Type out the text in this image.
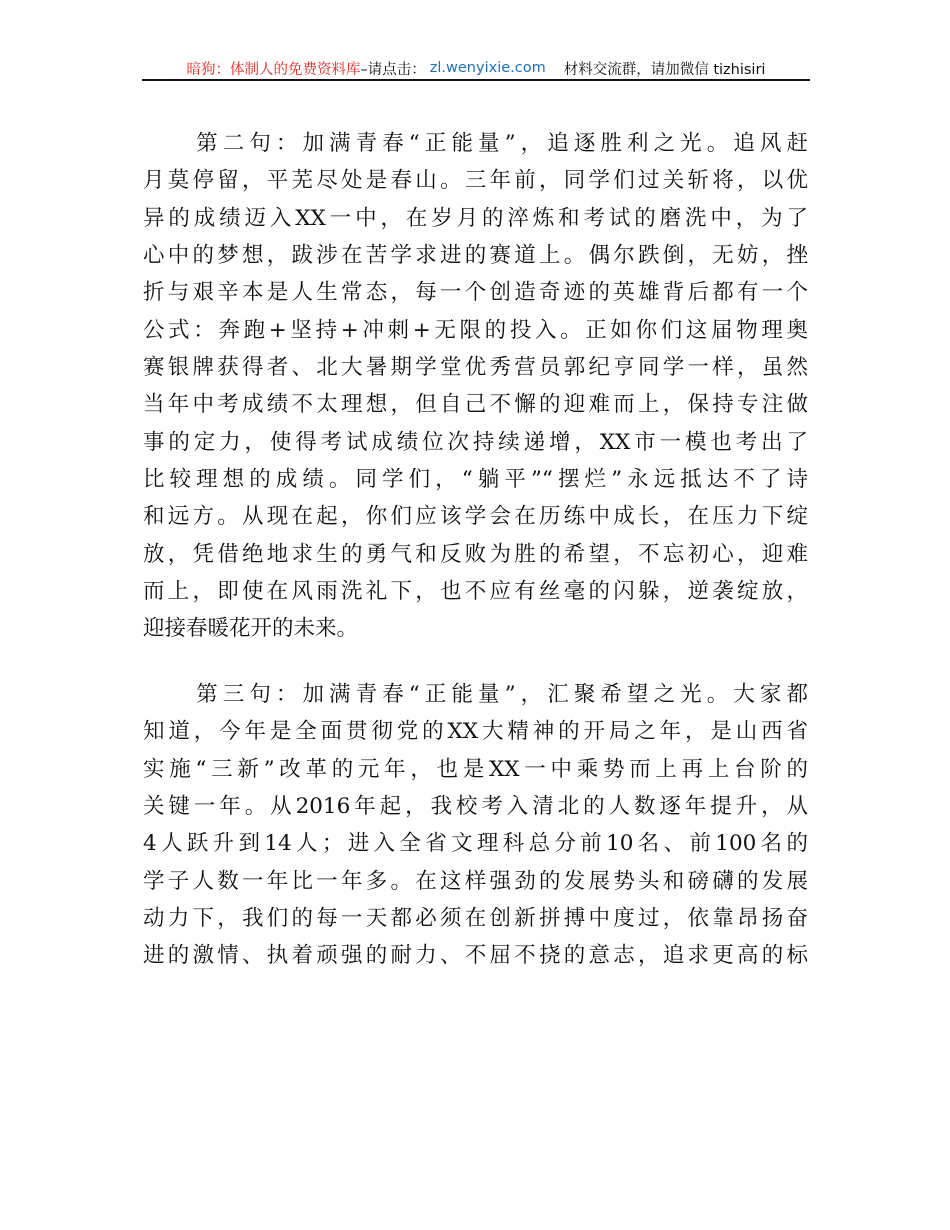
暗狗：体制人的免费资料库 –请点击： zl.wenyixie.com 材料交流群，请加微信 tizhisiri
　　第二句：加满青春“正能量”，追逐胜利之光。追风赶
月莫停留，平芜尽处是春山。三年前，同学们过关斩将，以优
异的成绩迈入XX一中，在岁月的淬炼和考试的磨洗中，为了
心中的梦想，跋涉在苦学求进的赛道上。偶尔跌倒，无妨，挫
折与艰辛本是人生常态，每一个创造奇迹的英雄背后都有一个
公式：奔跑+坚持+冲刺+无限的投入。正如你们这届物理奥
赛银牌获得者、北大暑期学堂优秀营员郭纪亨同学一样，虽然
当年中考成绩不太理想，但自己不懈的迎难而上，保持专注做
事的定力，使得考试成绩位次持续递增，XX市一模也考出了
比较理想的成绩。同学们，“躺平”“摆烂”永远抵达不了诗
和远方。从现在起，你们应该学会在历练中成长，在压力下绽
放，凭借绝地求生的勇气和反败为胜的希望，不忘初心，迎难
而上，即使在风雨洗礼下，也不应有丝毫的闪躲，逆袭绽放，
迎接春暖花开的未来。
　　第三句：加满青春“正能量”，汇聚希望之光。大家都
知道，今年是全面贯彻党的XX大精神的开局之年，是山西省
实施“三新”改革的元年，也是XX一中乘势而上再上台阶的
关键一年。从2016年起，我校考入清北的人数逐年提升，从
4人跃升到14人；进入全省文理科总分前10名、前100名的
学子人数一年比一年多。在这样强劲的发展势头和磅礴的发展
动力下，我们的每一天都必须在创新拼搏中度过，依靠昂扬奋
进的激情、执着顽强的耐力、不屈不挠的意志，追求更高的标
